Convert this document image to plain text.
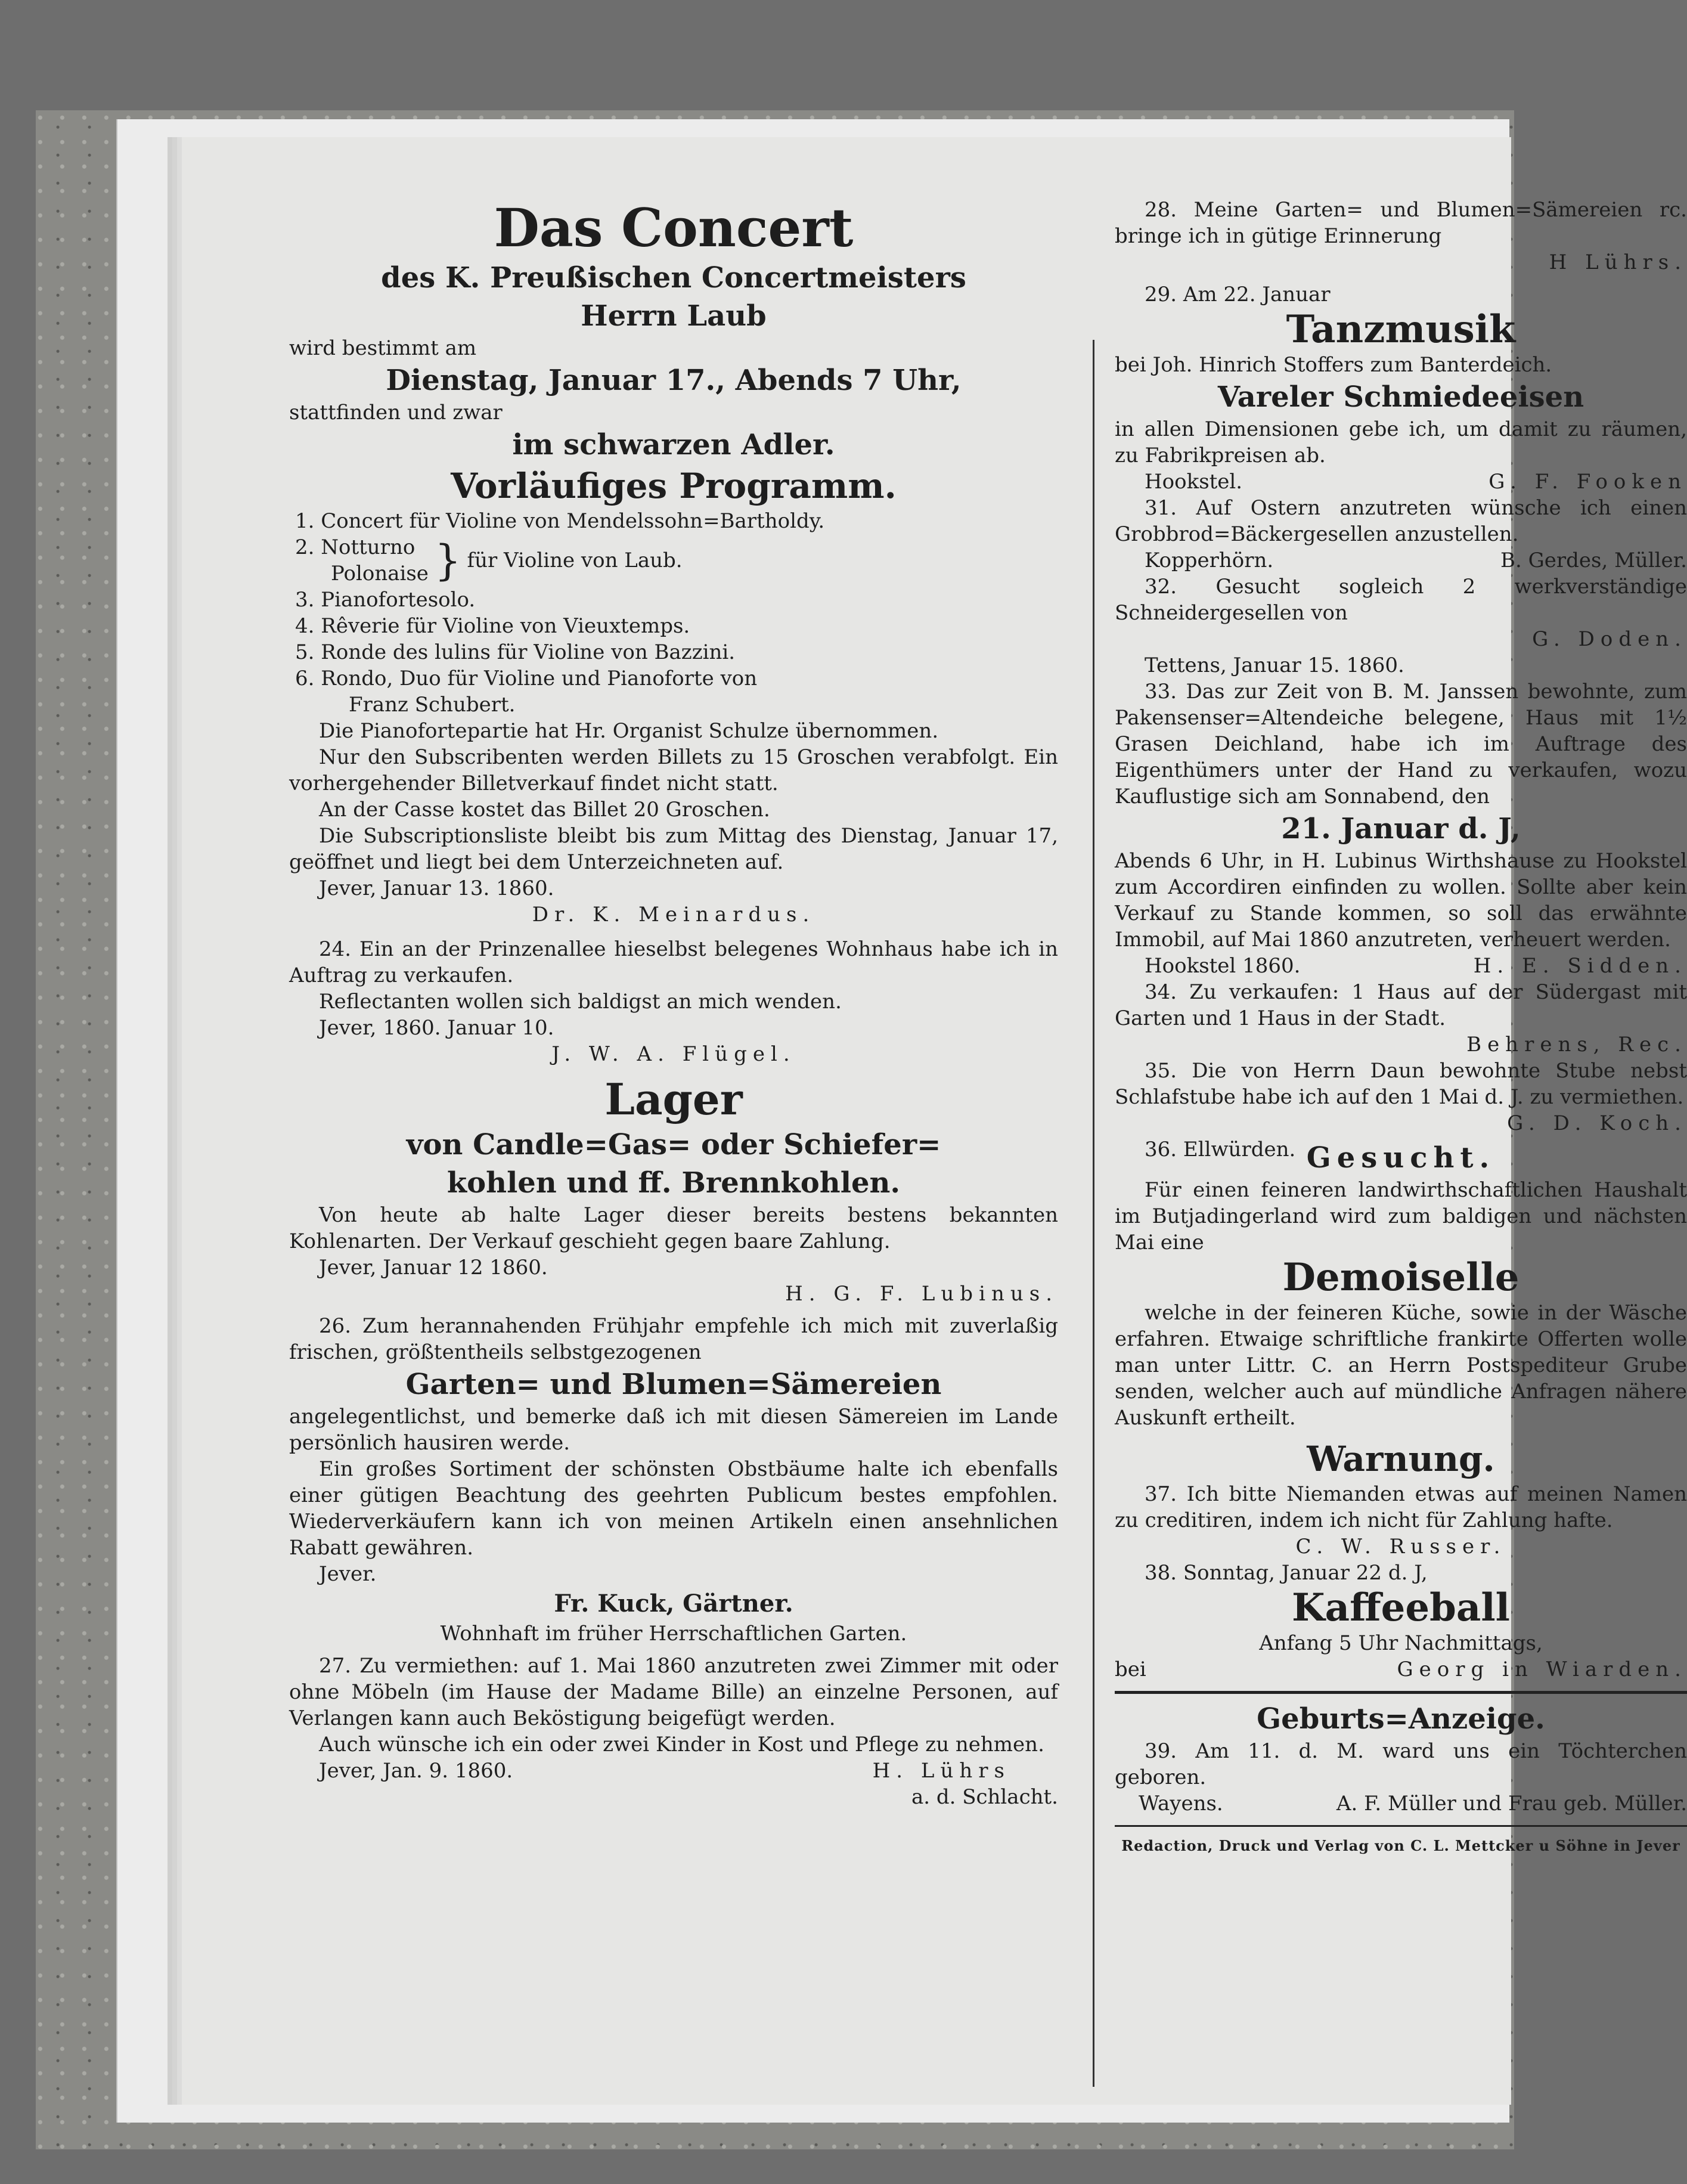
Das Concert
des K. Preußischen Concertmeisters
Herrn Laub

wird bestimmt am

Dienstag, Januar 17., Abends 7 Uhr,

stattfinden und zwar

im schwarzen Adler.
Vorläufiges Programm.

1. Concert für Violine von Mendelssohn=Bartholdy.

2. Notturno
Polonaise } für Violine von Laub.

3. Pianofortesolo.

4. Rêverie für Violine von Vieuxtemps.

5. Ronde des lulins für Violine von Bazzini.

6. Rondo, Duo für Violine und Pianoforte von

Franz Schubert.

Die Pianofortepartie hat Hr. Organist Schulze übernommen.

Nur den Subscribenten werden Billets zu 15 Groschen verabfolgt. Ein vorhergehender Billetverkauf findet nicht statt.

An der Casse kostet das Billet 20 Groschen.

Die Subscriptionsliste bleibt bis zum Mittag des Dienstag, Januar 17, geöffnet und liegt bei dem Unterzeichneten auf.

Jever, Januar 13. 1860.

Dr. K. Meinardus.

24. Ein an der Prinzenallee hieselbst belegenes Wohnhaus habe ich in Auftrag zu verkaufen.

Reflectanten wollen sich baldigst an mich wenden.

Jever, 1860. Januar 10.

J. W. A. Flügel.

Lager
von Candle=Gas= oder Schiefer=
kohlen und ff. Brennkohlen.

Von heute ab halte Lager dieser bereits bestens bekannten Kohlenarten. Der Verkauf geschieht gegen baare Zahlung.

Jever, Januar 12 1860.

H. G. F. Lubinus.

26. Zum herannahenden Frühjahr empfehle ich mich mit zuverlaßig frischen, größtentheils selbstgezogenen

Garten= und Blumen=Sämereien

angelegentlichst, und bemerke daß ich mit diesen Sämereien im Lande persönlich hausiren werde.

Ein großes Sortiment der schönsten Obstbäume halte ich ebenfalls einer gütigen Beachtung des geehrten Publicum bestes empfohlen. Wiederverkäufern kann ich von meinen Artikeln einen ansehnlichen Rabatt gewähren.

Jever.

Fr. Kuck, Gärtner.

Wohnhaft im früher Herrschaftlichen Garten.

27. Zu vermiethen: auf 1. Mai 1860 anzutreten zwei Zimmer mit oder ohne Möbeln (im Hause der Madame Bille) an einzelne Personen, auf Verlangen kann auch Beköstigung beigefügt werden.

Auch wünsche ich ein oder zwei Kinder in Kost und Pflege zu nehmen.

Jever, Jan. 9. 1860.	H. Lührs

a. d. Schlacht.

28. Meine Garten= und Blumen=Sämereien rc. bringe ich in gütige Erinnerung

H Lührs.

29. Am 22. Januar

Tanzmusik

bei Joh. Hinrich Stoffers zum Banterdeich.

Vareler Schmiedeeisen

in allen Dimensionen gebe ich, um damit zu räumen, zu Fabrikpreisen ab.

Hookstel.	G. F. Fooken

31. Auf Ostern anzutreten wünsche ich einen Grobbrod=Bäckergesellen anzustellen.

Kopperhörn.	B. Gerdes, Müller.

32. Gesucht sogleich 2 werkverständige Schneidergesellen von

G. Doden.

Tettens, Januar 15. 1860.

33. Das zur Zeit von B. M. Janssen bewohnte, zum Pakensenser=Altendeiche belegene, Haus mit 1½ Grasen Deichland, habe ich im Auftrage des Eigenthümers unter der Hand zu verkaufen, wozu Kauflustige sich am Sonnabend, den

21. Januar d. J,

Abends 6 Uhr, in H. Lubinus Wirthshause zu Hookstel zum Accordiren einfinden zu wollen. Sollte aber kein Verkauf zu Stande kommen, so soll das erwähnte Immobil, auf Mai 1860 anzutreten, verheuert werden.

Hookstel 1860.	H. E. Sidden.

34. Zu verkaufen: 1 Haus auf der Südergast mit Garten und 1 Haus in der Stadt.

Behrens, Rec.

35. Die von Herrn Daun bewohnte Stube nebst Schlafstube habe ich auf den 1 Mai d. J. zu vermiethen.

G. D. Koch.

36. Ellwürden. Gesucht.

Für einen feineren landwirthschaftlichen Haushalt im Butjadingerland wird zum baldigen und nächsten Mai eine

Demoiselle

welche in der feineren Küche, sowie in der Wäsche erfahren. Etwaige schriftliche frankirte Offerten wolle man unter Littr. C. an Herrn Postspediteur Grube senden, welcher auch auf mündliche Anfragen nähere Auskunft ertheilt.

Warnung.

37. Ich bitte Niemanden etwas auf meinen Namen zu creditiren, indem ich nicht für Zahlung hafte.

C. W. Russer.

38. Sonntag, Januar 22 d. J,

Kaffeeball

Anfang 5 Uhr Nachmittags,

bei	Georg in Wiarden.
Geburts=Anzeige.

39. Am 11. d. M. ward uns ein Töchterchen geboren.

Wayens.	A. F. Müller und Frau geb. Müller.

Redaction, Druck und Verlag von C. L. Mettcker u Söhne in Jever
